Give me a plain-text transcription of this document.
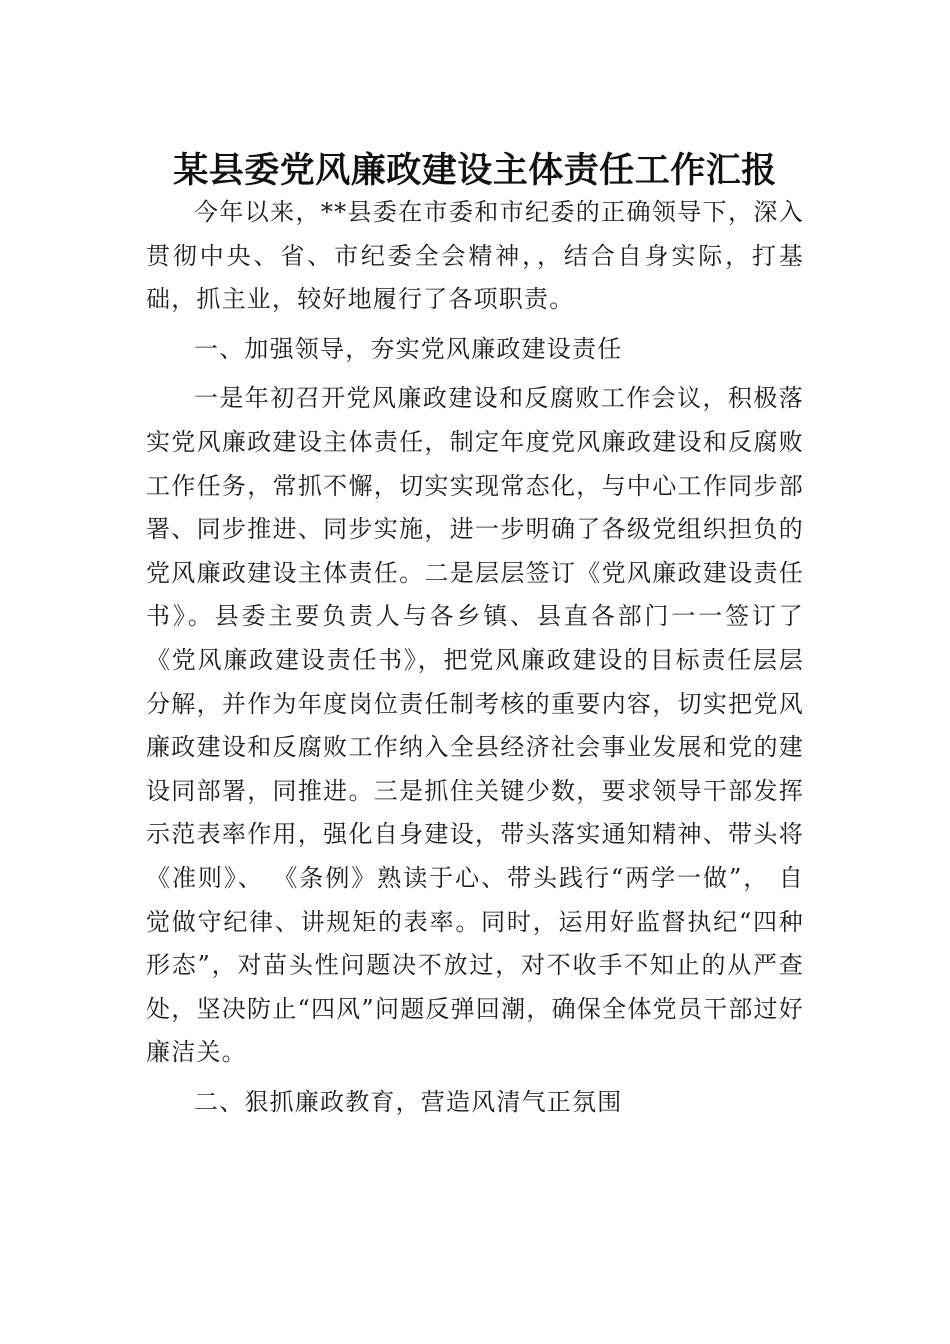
某县委党风廉政建设主体责任工作汇报

今年以来，**县委在市委和市纪委的正确领导下，深入贯彻中央、省、市纪委全会精神，，结合自身实际，打基础，抓主业，较好地履行了各项职责。

一、加强领导，夯实党风廉政建设责任

一是年初召开党风廉政建设和反腐败工作会议，积极落实党风廉政建设主体责任，制定年度党风廉政建设和反腐败工作任务，常抓不懈，切实实现常态化，与中心工作同步部署、同步推进、同步实施，进一步明确了各级党组织担负的党风廉政建设主体责任。二是层层签订《党风廉政建设责任书》。县委主要负责人与各乡镇、县直各部门一一签订了《党风廉政建设责任书》，把党风廉政建设的目标责任层层分解，并作为年度岗位责任制考核的重要内容，切实把党风廉政建设和反腐败工作纳入全县经济社会事业发展和党的建设同部署，同推进。三是抓住关键少数，要求领导干部发挥示范表率作用，强化自身建设，带头落实通知精神、带头将《准则》、 《条例》熟读于心、带头践行“两学一做”， 自觉做守纪律、讲规矩的表率。同时，运用好监督执纪“四种形态”，对苗头性问题决不放过，对不收手不知止的从严查处，坚决防止“四风”问题反弹回潮，确保全体党员干部过好廉洁关。

二、狠抓廉政教育，营造风清气正氛围
